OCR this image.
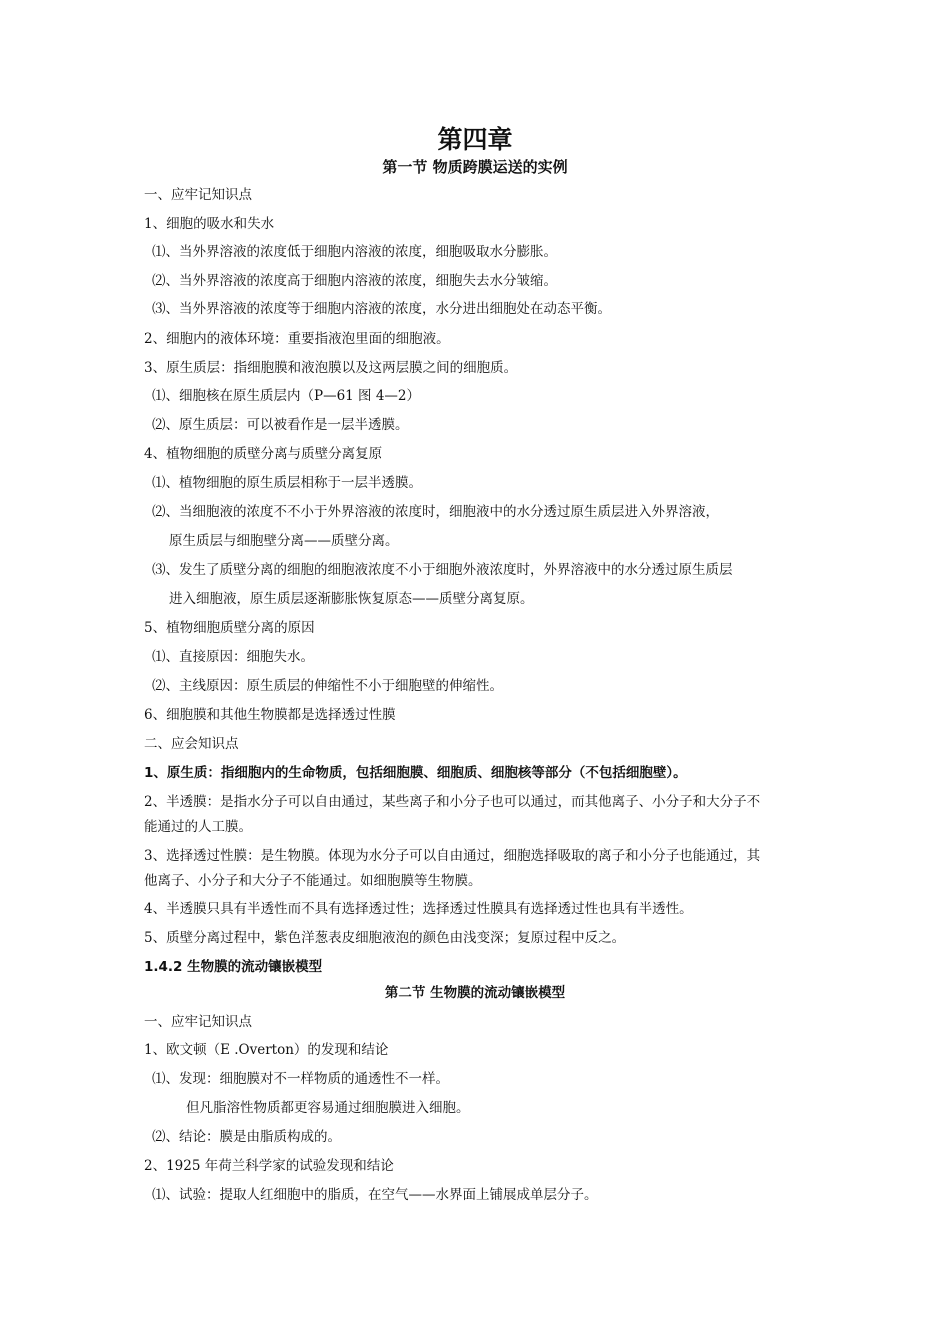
第四章
第一节 物质跨膜运送的实例
一、应牢记知识点
1、细胞的吸水和失水
⑴、当外界溶液的浓度低于细胞内溶液的浓度，细胞吸取水分膨胀。
⑵、当外界溶液的浓度高于细胞内溶液的浓度，细胞失去水分皱缩。
⑶、当外界溶液的浓度等于细胞内溶液的浓度，水分进出细胞处在动态平衡。
2、细胞内的液体环境：重要指液泡里面的细胞液。
3、原生质层：指细胞膜和液泡膜以及这两层膜之间的细胞质。
⑴、细胞核在原生质层内（P—61 图 4—2）
⑵、原生质层：可以被看作是一层半透膜。
4、植物细胞的质壁分离与质壁分离复原
⑴、植物细胞的原生质层相称于一层半透膜。
⑵、当细胞液的浓度不不小于外界溶液的浓度时，细胞液中的水分透过原生质层进入外界溶液，
原生质层与细胞壁分离——质壁分离。
⑶、发生了质壁分离的细胞的细胞液浓度不小于细胞外液浓度时，外界溶液中的水分透过原生质层
进入细胞液，原生质层逐渐膨胀恢复原态——质壁分离复原。
5、植物细胞质壁分离的原因
⑴、直接原因：细胞失水。
⑵、主线原因：原生质层的伸缩性不小于细胞壁的伸缩性。
6、细胞膜和其他生物膜都是选择透过性膜
二、应会知识点
1、原生质：指细胞内的生命物质，包括细胞膜、细胞质、细胞核等部分（不包括细胞壁）。
2、半透膜：是指水分子可以自由通过，某些离子和小分子也可以通过，而其他离子、小分子和大分子不
能通过的人工膜。
3、选择透过性膜：是生物膜。体现为水分子可以自由通过，细胞选择吸取的离子和小分子也能通过，其
他离子、小分子和大分子不能通过。如细胞膜等生物膜。
4、半透膜只具有半透性而不具有选择透过性；选择透过性膜具有选择透过性也具有半透性。
5、质壁分离过程中，紫色洋葱表皮细胞液泡的颜色由浅变深；复原过程中反之。
1.4.2 生物膜的流动镶嵌模型
第二节 生物膜的流动镶嵌模型
一、应牢记知识点
1、欧文顿（E .Overton）的发现和结论
⑴、发现：细胞膜对不一样物质的通透性不一样。
但凡脂溶性物质都更容易通过细胞膜进入细胞。
⑵、结论：膜是由脂质构成的。
2、1925 年荷兰科学家的试验发现和结论
⑴、试验：提取人红细胞中的脂质，在空气——水界面上铺展成单层分子。
